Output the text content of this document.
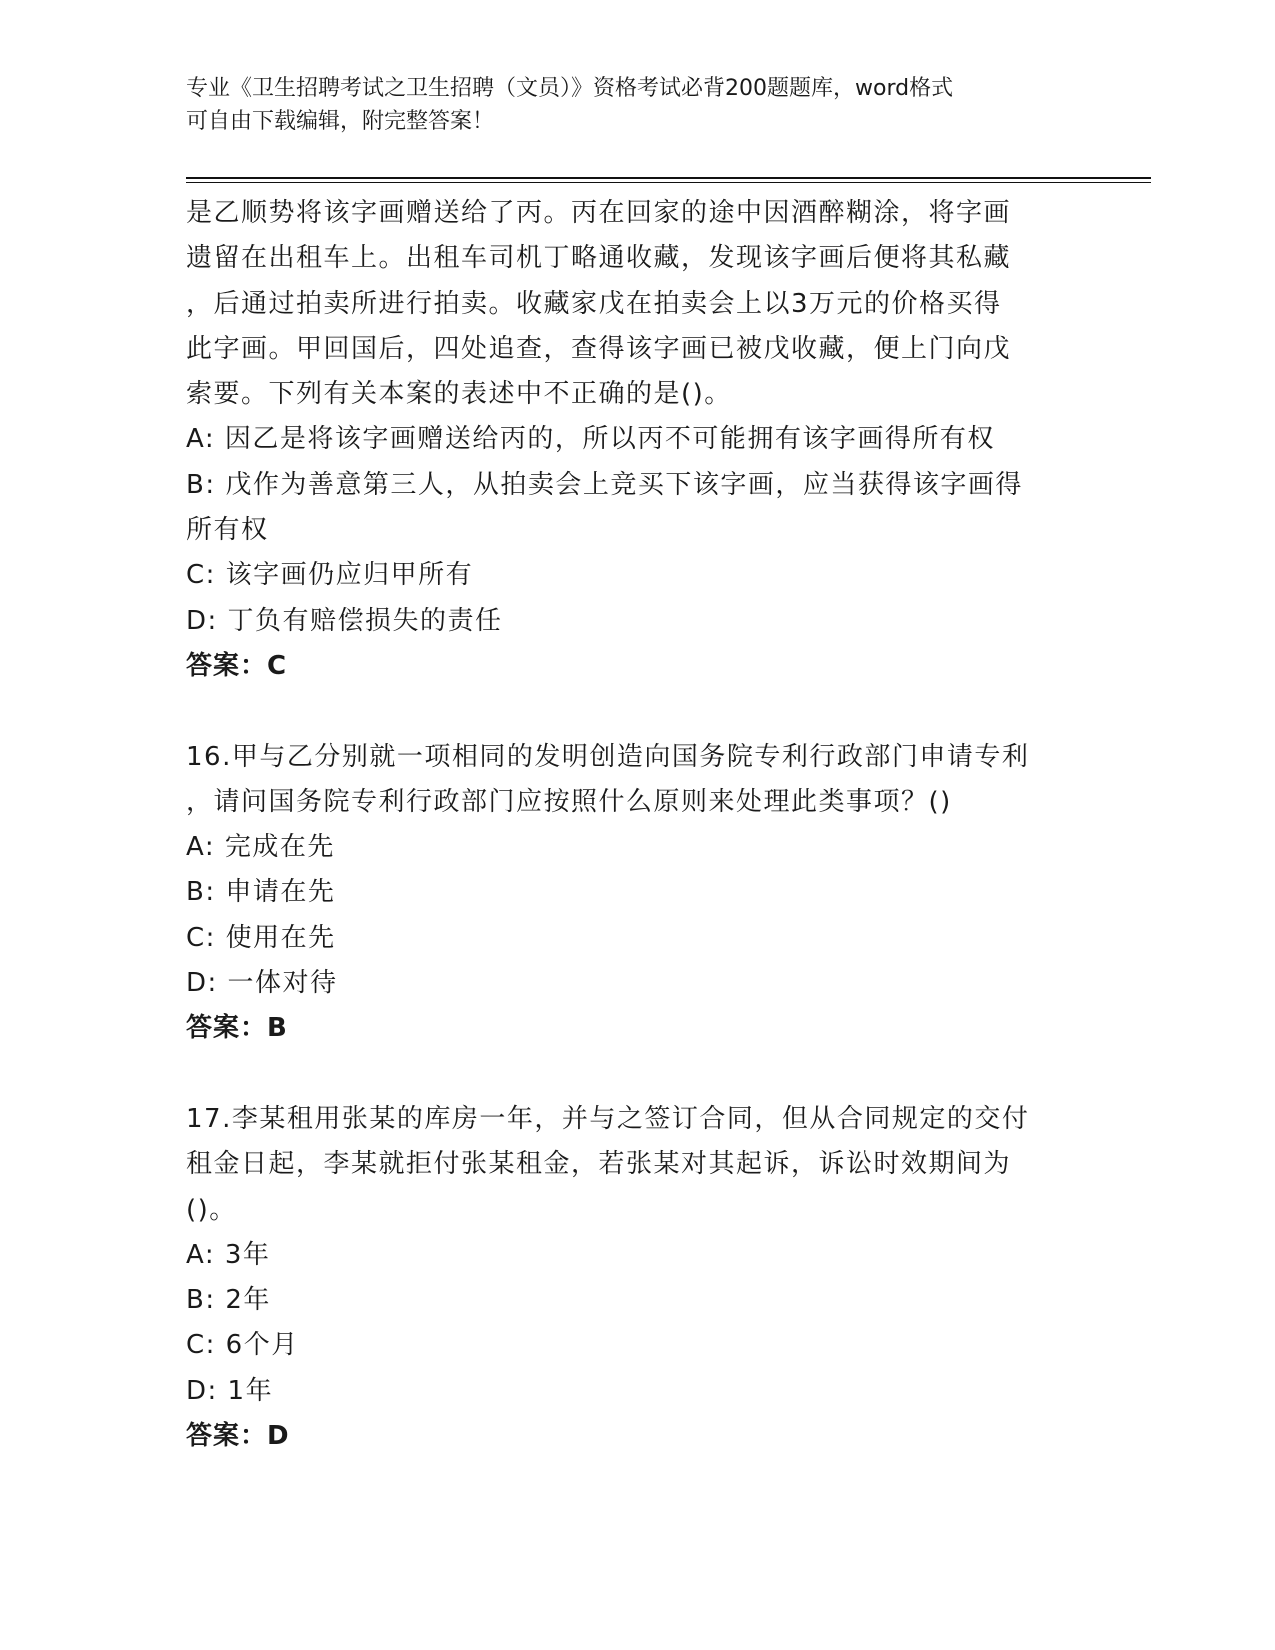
专业《卫生招聘考试之卫生招聘（文员）》资格考试必背200题题库，word格式
可自由下载编辑，附完整答案！
是乙顺势将该字画赠送给了丙。丙在回家的途中因酒醉糊涂，将字画
遗留在出租车上。出租车司机丁略通收藏，发现该字画后便将其私藏
，后通过拍卖所进行拍卖。收藏家戊在拍卖会上以3万元的价格买得
此字画。甲回国后，四处追查，查得该字画已被戊收藏，便上门向戊
索要。下列有关本案的表述中不正确的是()。
A: 因乙是将该字画赠送给丙的，所以丙不可能拥有该字画得所有权
B: 戊作为善意第三人，从拍卖会上竞买下该字画，应当获得该字画得
所有权
C: 该字画仍应归甲所有
D: 丁负有赔偿损失的责任
答案：C
16.甲与乙分别就一项相同的发明创造向国务院专利行政部门申请专利
，请问国务院专利行政部门应按照什么原则来处理此类事项？()
A: 完成在先
B: 申请在先
C: 使用在先
D: 一体对待
答案：B
17.李某租用张某的库房一年，并与之签订合同，但从合同规定的交付
租金日起，李某就拒付张某租金，若张某对其起诉，诉讼时效期间为
()。
A: 3年
B: 2年
C: 6个月
D: 1年
答案：D
